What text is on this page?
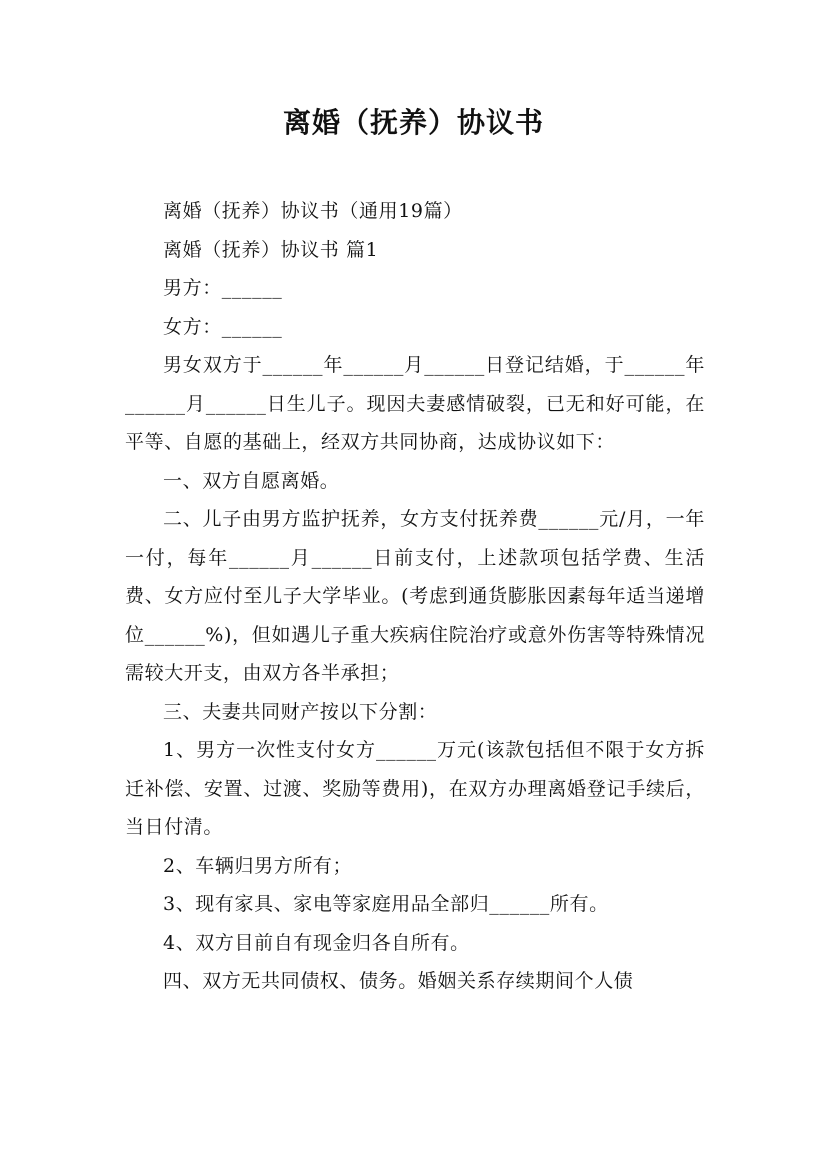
离婚（抚养）协议书

离婚（抚养）协议书（通用19篇）

离婚（抚养）协议书 篇1

男方：______

女方：______

男女双方于______年______月______日登记结婚，于______年______月______日生儿子。现因夫妻感情破裂，已无和好可能，在平等、自愿的基础上，经双方共同协商，达成协议如下：

一、双方自愿离婚。

二、儿子由男方监护抚养，女方支付抚养费______元/月，一年一付，每年______月______日前支付，上述款项包括学费、生活费、女方应付至儿子大学毕业。(考虑到通货膨胀因素每年适当递增位______%)，但如遇儿子重大疾病住院治疗或意外伤害等特殊情况需较大开支，由双方各半承担；

三、夫妻共同财产按以下分割：

1、男方一次性支付女方______万元(该款包括但不限于女方拆迁补偿、安置、过渡、奖励等费用)，在双方办理离婚登记手续后，当日付清。

2、车辆归男方所有；

3、现有家具、家电等家庭用品全部归______所有。

4、双方目前自有现金归各自所有。

四、双方无共同债权、债务。婚姻关系存续期间个人债
